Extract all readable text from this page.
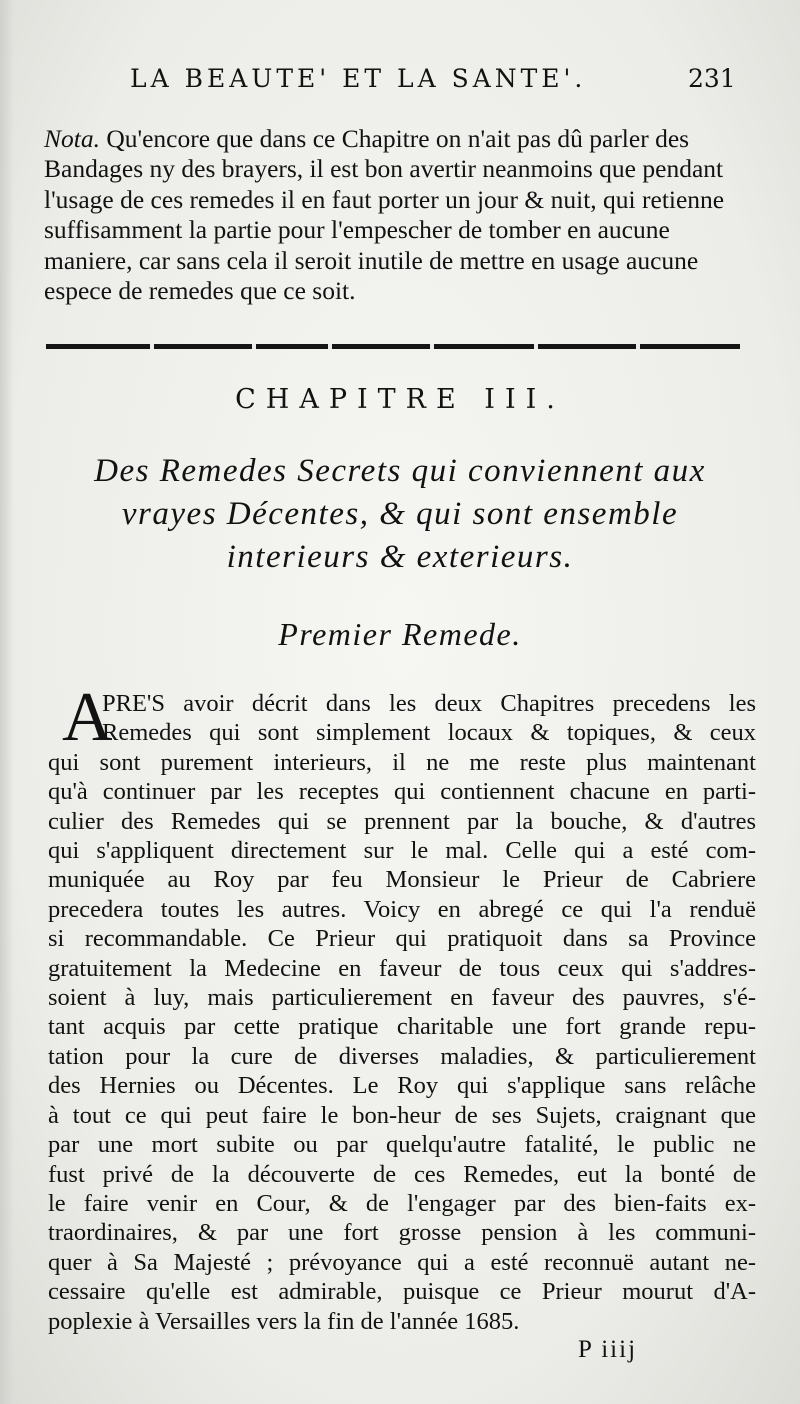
LA BEAUTE' ET LA SANTE'.	231

Nota. Qu'encore que dans ce Chapitre on n'ait pas dû parler des Bandages ny des brayers, il est bon avertir neanmoins que pendant l'usage de ces remedes il en faut porter un jour & nuit, qui retienne suffisamment la partie pour l'empescher de tomber en aucune maniere, car sans cela il seroit inutile de mettre en usage aucune espece de remedes que ce soit.

CHAPITRE III.
Des Remedes Secrets qui conviennent aux
vrayes Décentes, & qui sont ensemble
interieurs & exterieurs.
Premier Remede.
A
PRE'S avoir décrit dans les deux Chapitres precedens les
Remedes qui sont simplement locaux & topiques, & ceux
qui sont purement interieurs, il ne me reste plus maintenant
qu'à continuer par les receptes qui contiennent chacune en parti-
culier des Remedes qui se prennent par la bouche, & d'autres
qui s'appliquent directement sur le mal. Celle qui a esté com-
muniquée au Roy par feu Monsieur le Prieur de Cabriere
precedera toutes les autres. Voicy en abregé ce qui l'a renduë
si recommandable. Ce Prieur qui pratiquoit dans sa Province
gratuitement la Medecine en faveur de tous ceux qui s'addres-
soient à luy, mais particulierement en faveur des pauvres, s'é-
tant acquis par cette pratique charitable une fort grande repu-
tation pour la cure de diverses maladies, & particulierement
des Hernies ou Décentes. Le Roy qui s'applique sans relâche
à tout ce qui peut faire le bon-heur de ses Sujets, craignant que
par une mort subite ou par quelqu'autre fatalité, le public ne
fust privé de la découverte de ces Remedes, eut la bonté de
le faire venir en Cour, & de l'engager par des bien-faits ex-
traordinaires, & par une fort grosse pension à les communi-
quer à Sa Majesté ; prévoyance qui a esté reconnuë autant ne-
cessaire qu'elle est admirable, puisque ce Prieur mourut d'A-
poplexie à Versailles vers la fin de l'année 1685.
P iiij
